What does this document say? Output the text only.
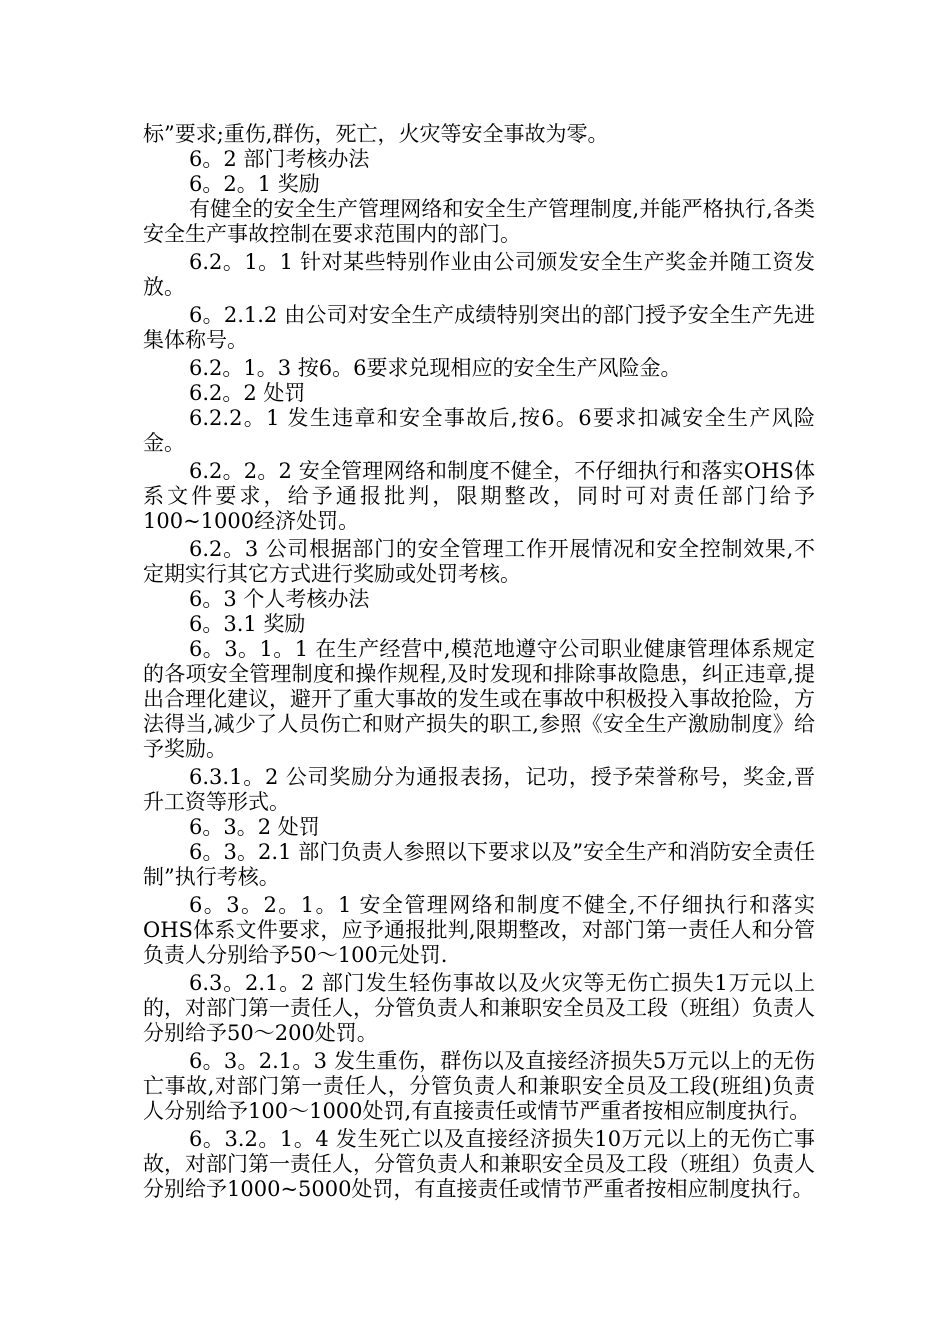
标”要求;重伤,群伤，死亡，火灾等安全事故为零。

6。2 部门考核办法

6。2。1 奖励

有健全的安全生产管理网络和安全生产管理制度,并能严格执行,各类安全生产事故控制在要求范围内的部门。

6.2。1。1 针对某些特别作业由公司颁发安全生产奖金并随工资发放。

6。2.1.2 由公司对安全生产成绩特别突出的部门授予安全生产先进集体称号。

6.2。1。3 按6。6要求兑现相应的安全生产风险金。

6.2。2 处罚

6.2.2。1 发生违章和安全事故后,按6。6要求扣减安全生产风险金。

6.2。2。2 安全管理网络和制度不健全，不仔细执行和落实OHS体系文件要求，给予通报批判，限期整改，同时可对责任部门给予100~1000经济处罚。

6.2。3 公司根据部门的安全管理工作开展情况和安全控制效果,不定期实行其它方式进行奖励或处罚考核。

6。3 个人考核办法

6。3.1 奖励

6。3。1。1 在生产经营中,模范地遵守公司职业健康管理体系规定的各项安全管理制度和操作规程,及时发现和排除事故隐患，纠正违章,提出合理化建议，避开了重大事故的发生或在事故中积极投入事故抢险，方法得当,减少了人员伤亡和财产损失的职工,参照《安全生产激励制度》给予奖励。

6.3.1。2 公司奖励分为通报表扬，记功，授予荣誉称号，奖金,晋升工资等形式。

6。3。2 处罚

6。3。2.1 部门负责人参照以下要求以及”安全生产和消防安全责任制”执行考核。

6。3。2。1。1 安全管理网络和制度不健全,不仔细执行和落实OHS体系文件要求，应予通报批判,限期整改，对部门第一责任人和分管负责人分别给予50～100元处罚.

6.3。2.1。2 部门发生轻伤事故以及火灾等无伤亡损失1万元以上的，对部门第一责任人，分管负责人和兼职安全员及工段（班组）负责人分别给予50～200处罚。

6。3。2.1。3 发生重伤，群伤以及直接经济损失5万元以上的无伤亡事故,对部门第一责任人，分管负责人和兼职安全员及工段(班组)负责人分别给予100～1000处罚,有直接责任或情节严重者按相应制度执行。

6。3.2。1。4 发生死亡以及直接经济损失10万元以上的无伤亡事故，对部门第一责任人，分管负责人和兼职安全员及工段（班组）负责人分别给予1000~5000处罚，有直接责任或情节严重者按相应制度执行。
